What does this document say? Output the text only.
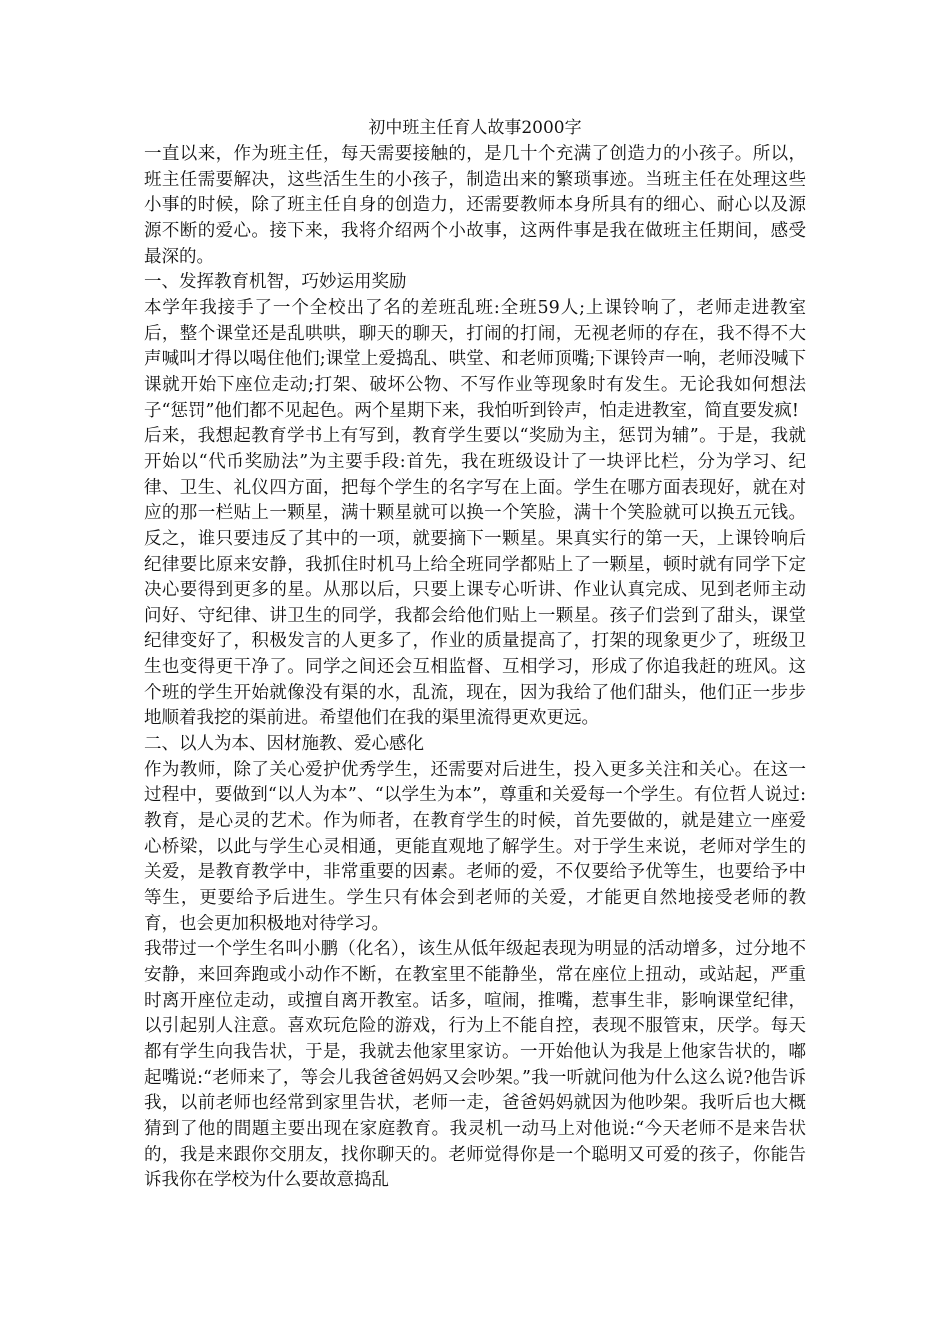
初中班主任育人故事2000字

一直以来，作为班主任，每天需要接触的，是几十个充满了创造力的小孩子。所以，班主任需要解决，这些活生生的小孩子，制造出来的繁琐事迹。当班主任在处理这些小事的时候，除了班主任自身的创造力，还需要教师本身所具有的细心、耐心以及源源不断的爱心。接下来，我将介绍两个小故事，这两件事是我在做班主任期间，感受最深的。

一、发挥教育机智，巧妙运用奖励

本学年我接手了一个全校出了名的差班乱班:全班59人;上课铃响了，老师走进教室后，整个课堂还是乱哄哄，聊天的聊天，打闹的打闹，无视老师的存在，我不得不大声喊叫才得以喝住他们;课堂上爱捣乱、哄堂、和老师顶嘴;下课铃声一响，老师没喊下课就开始下座位走动;打架、破坏公物、不写作业等现象时有发生。无论我如何想法子“惩罚”他们都不见起色。两个星期下来，我怕听到铃声，怕走进教室，简直要发疯!

后来，我想起教育学书上有写到，教育学生要以“奖励为主，惩罚为辅”。于是，我就开始以“代币奖励法”为主要手段:首先，我在班级设计了一块评比栏，分为学习、纪律、卫生、礼仪四方面，把每个学生的名字写在上面。学生在哪方面表现好，就在对应的那一栏贴上一颗星，满十颗星就可以换一个笑脸，满十个笑脸就可以换五元钱。反之，谁只要违反了其中的一项，就要摘下一颗星。果真实行的第一天，上课铃响后纪律要比原来安静，我抓住时机马上给全班同学都贴上了一颗星，顿时就有同学下定决心要得到更多的星。从那以后，只要上课专心听讲、作业认真完成、见到老师主动问好、守纪律、讲卫生的同学，我都会给他们贴上一颗星。孩子们尝到了甜头，课堂纪律变好了，积极发言的人更多了，作业的质量提高了，打架的现象更少了，班级卫生也变得更干净了。同学之间还会互相监督、互相学习，形成了你追我赶的班风。这个班的学生开始就像没有渠的水，乱流，现在，因为我给了他们甜头，他们正一步步地顺着我挖的渠前进。希望他们在我的渠里流得更欢更远。

二、以人为本、因材施教、爱心感化

作为教师，除了关心爱护优秀学生，还需要对后进生，投入更多关注和关心。在这一过程中，要做到“以人为本”、“以学生为本”，尊重和关爱每一个学生。有位哲人说过:教育，是心灵的艺术。作为师者，在教育学生的时候，首先要做的，就是建立一座爱心桥梁，以此与学生心灵相通，更能直观地了解学生。对于学生来说，老师对学生的关爱，是教育教学中，非常重要的因素。老师的爱，不仅要给予优等生，也要给予中等生，更要给予后进生。学生只有体会到老师的关爱，才能更自然地接受老师的教育，也会更加积极地对待学习。

我带过一个学生名叫小鹏（化名），该生从低年级起表现为明显的活动增多，过分地不安静，来回奔跑或小动作不断，在教室里不能静坐，常在座位上扭动，或站起，严重时离开座位走动，或擅自离开教室。话多，喧闹，推嘴，惹事生非，影响课堂纪律，以引起别人注意。喜欢玩危险的游戏，行为上不能自控，表现不服管束，厌学。每天都有学生向我告状，于是，我就去他家里家访。一开始他认为我是上他家告状的，嘟起嘴说:“老师来了，等会儿我爸爸妈妈又会吵架。”我一听就问他为什么这么说?他告诉我，以前老师也经常到家里告状，老师一走，爸爸妈妈就因为他吵架。我听后也大概猜到了他的間題主要出现在家庭教育。我灵机一动马上对他说:“今天老师不是来告状的，我是来跟你交朋友，找你聊天的。老师觉得你是一个聪明又可爱的孩子，你能告诉我你在学校为什么要故意捣乱
